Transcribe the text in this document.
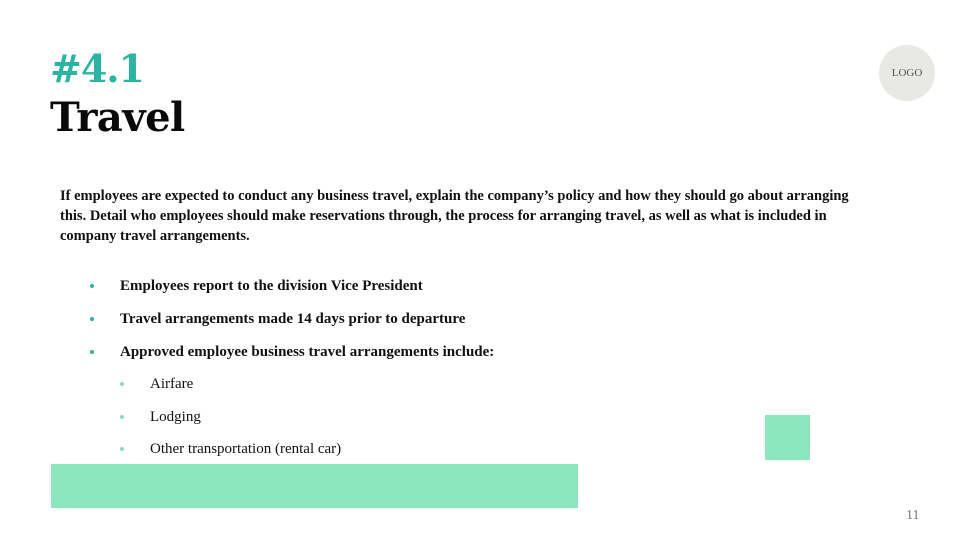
#4.1
Travel
LOGO
If employees are expected to conduct any business travel, explain the company’s policy and how they should go about arranging this. Detail who employees should make reservations through, the process for arranging travel, as well as what is included in company travel arrangements.
Employees report to the division Vice President
Travel arrangements made 14 days prior to departure
Approved employee business travel arrangements include:
Airfare
Lodging
Other transportation (rental car)
11
